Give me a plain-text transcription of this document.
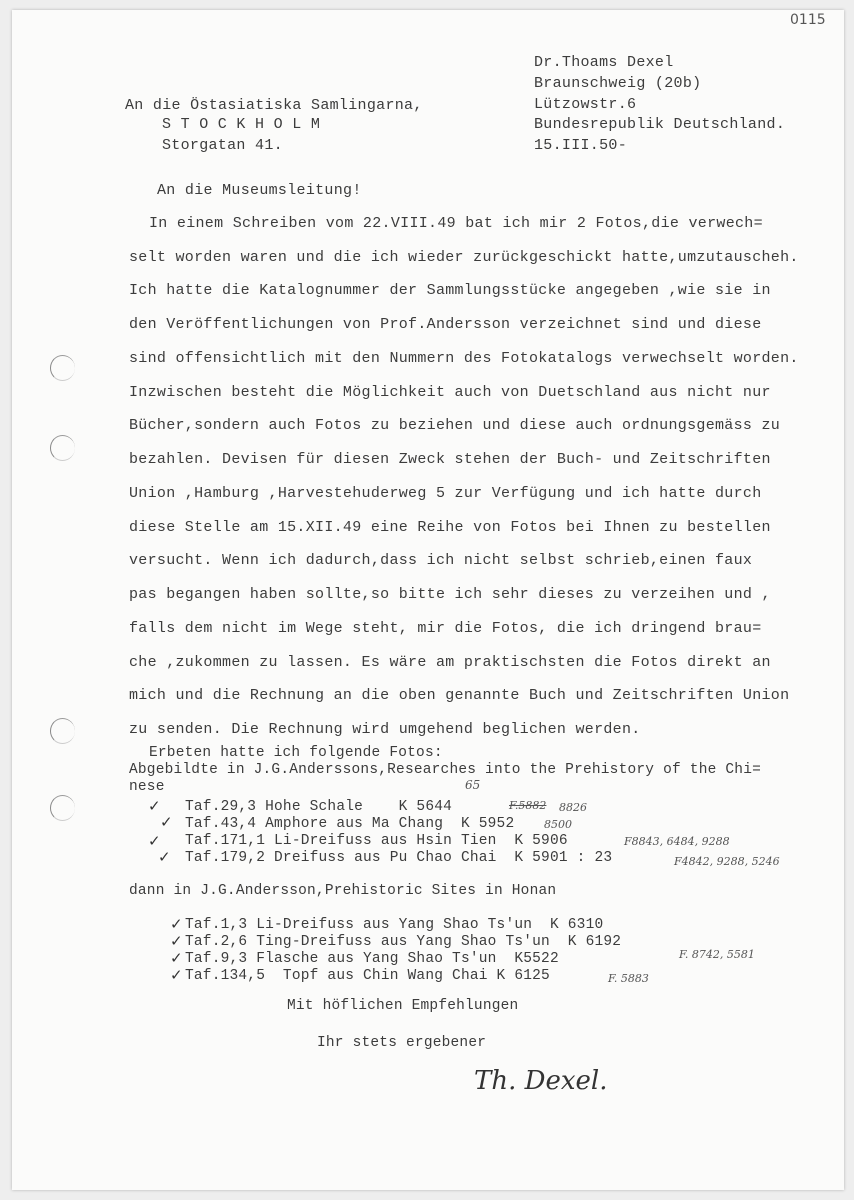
0115
Dr.Thoams Dexel
Braunschweig (20b)
Lützowstr.6
Bundesrepublik Deutschland.
15.III.50-
An die Östasiatiska Samlingarna,
S T O C K H O L M
Storgatan 41.
An die Museumsleitung!
In einem Schreiben vom 22.VIII.49 bat ich mir 2 Fotos,die verwech=
selt worden waren und die ich wieder zurückgeschickt hatte,umzutauscheh.
Ich hatte die Katalognummer der Sammlungsstücke angegeben ,wie sie in
den Veröffentlichungen von Prof.Andersson verzeichnet sind und diese
sind offensichtlich mit den Nummern des Fotokatalogs verwechselt worden.
Inzwischen besteht die Möglichkeit auch von Duetschland aus nicht nur
Bücher,sondern auch Fotos zu beziehen und diese auch ordnungsgemäss zu
bezahlen. Devisen für diesen Zweck stehen der Buch- und Zeitschriften
Union ,Hamburg ,Harvestehuderweg 5 zur Verfügung und ich hatte durch
diese Stelle am 15.XII.49 eine Reihe von Fotos bei Ihnen zu bestellen
versucht. Wenn ich dadurch,dass ich nicht selbst schrieb,einen faux
pas begangen haben sollte,so bitte ich sehr dieses zu verzeihen und ,
falls dem nicht im Wege steht, mir die Fotos, die ich dringend brau=
che ,zukommen zu lassen. Es wäre am praktischsten die Fotos direkt an
mich und die Rechnung an die oben genannte Buch und Zeitschriften Union
zu senden. Die Rechnung wird umgehend beglichen werden.
Erbeten hatte ich folgende Fotos:
Abgebildte in J.G.Anderssons,Researches into the Prehistory of the Chi=
nese	65
✓ Taf.29,3 Hohe Schale    K 5644	F.5882 8826
✓ Taf.43,4 Amphore aus Ma Chang  K 5952	8500
✓ Taf.171,1 Li-Dreifuss aus Hsin Tien  K 5906	F8843, 6484, 9288
✓ Taf.179,2 Dreifuss aus Pu Chao Chai  K 5901 : 23	F4842, 9288, 5246
dann in J.G.Andersson,Prehistoric Sites in Honan
✓ Taf.1,3 Li-Dreifuss aus Yang Shao Ts'un  K 6310
✓ Taf.2,6 Ting-Dreifuss aus Yang Shao Ts'un  K 6192
✓ Taf.9,3 Flasche aus Yang Shao Ts'un  K5522	F. 8742, 5581
✓ Taf.134,5  Topf aus Chin Wang Chai K 6125	F. 5883
Mit höflichen Empfehlungen
Ihr stets ergebener
Th. Dexel.
